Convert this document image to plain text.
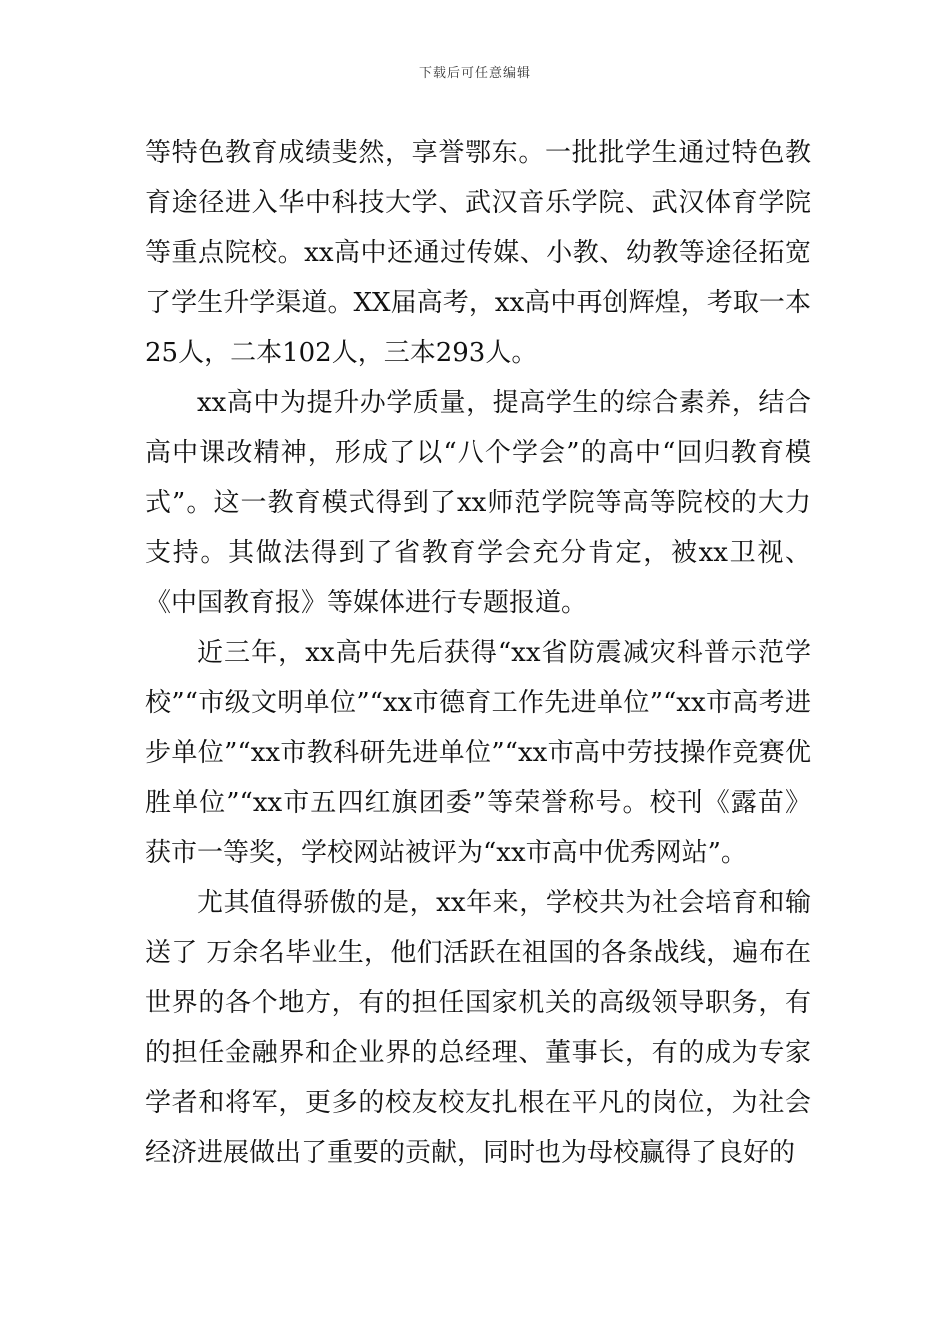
下载后可任意编辑

等特色教育成绩斐然，享誉鄂东。一批批学生通过特色教育途径进入华中科技大学、武汉音乐学院、武汉体育学院等重点院校。xx高中还通过传媒、小教、幼教等途径拓宽了学生升学渠道。XX届高考，xx高中再创辉煌，考取一本25人，二本102人，三本293人。

xx高中为提升办学质量，提高学生的综合素养，结合高中课改精神，形成了以“八个学会”的高中“回归教育模式”。这一教育模式得到了xx师范学院等高等院校的大力支持。其做法得到了省教育学会充分肯定，被xx卫视、《中国教育报》等媒体进行专题报道。

近三年，xx高中先后获得“xx省防震减灾科普示范学校”“市级文明单位”“xx市德育工作先进单位”“xx市高考进步单位”“xx市教科研先进单位”“xx市高中劳技操作竞赛优胜单位”“xx市五四红旗团委”等荣誉称号。校刊《露苗》获市一等奖，学校网站被评为“xx市高中优秀网站”。

尤其值得骄傲的是，xx年来，学校共为社会培育和输送了 万余名毕业生，他们活跃在祖国的各条战线，遍布在世界的各个地方，有的担任国家机关的高级领导职务，有的担任金融界和企业界的总经理、董事长，有的成为专家学者和将军，更多的校友校友扎根在平凡的岗位，为社会经济进展做出了重要的贡献，同时也为母校赢得了良好的
